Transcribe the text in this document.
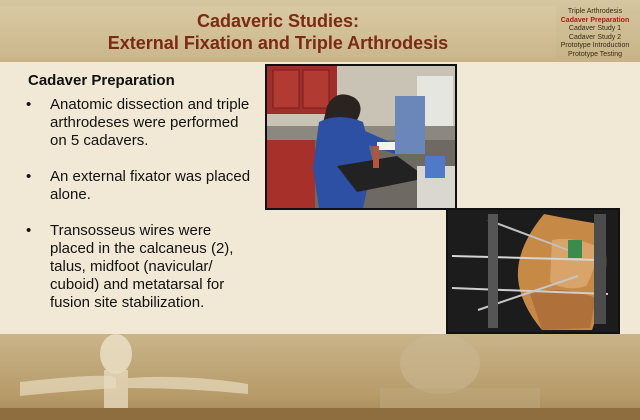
Cadaveric Studies:
External Fixation and Triple Arthrodesis
Triple Arthrodesis
Cadaver Preparation
Cadaver Study 1
Cadaver Study 2
Prototype Introduction
Prototype Testing
Cadaver Preparation
• Anatomic dissection and triple arthrodeses were performed on 5 cadavers.
• An external fixator was placed alone.
• Transosseus wires were placed in the calcaneus (2), talus, midfoot (navicular/ cuboid) and metatarsal for fusion site stabilization.
